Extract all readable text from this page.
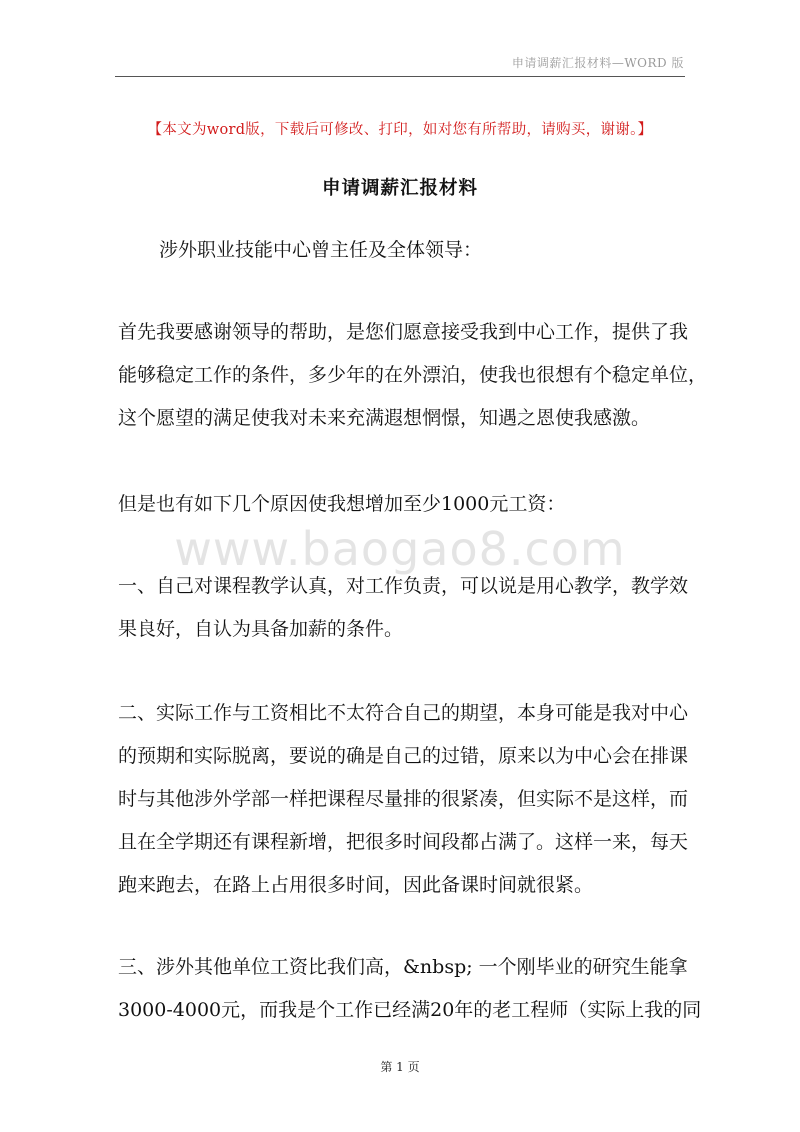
申请调薪汇报材料—WORD 版
【本文为word版，下载后可修改、打印，如对您有所帮助，请购买，谢谢。】
申请调薪汇报材料
涉外职业技能中心曾主任及全体领导：
首先我要感谢领导的帮助，是您们愿意接受我到中心工作，提供了我
能够稳定工作的条件，多少年的在外漂泊，使我也很想有个稳定单位，
这个愿望的满足使我对未来充满遐想惘憬，知遇之恩使我感激。
但是也有如下几个原因使我想增加至少1000元工资：
www.baogao8.com
一、自己对课程教学认真，对工作负责，可以说是用心教学，教学效
果良好，自认为具备加薪的条件。
二、实际工作与工资相比不太符合自己的期望，本身可能是我对中心
的预期和实际脱离，要说的确是自己的过错，原来以为中心会在排课
时与其他涉外学部一样把课程尽量排的很紧凑，但实际不是这样，而
且在全学期还有课程新增，把很多时间段都占满了。这样一来，每天
跑来跑去，在路上占用很多时间，因此备课时间就很紧。
三、涉外其他单位工资比我们高，&nbsp; 一个刚毕业的研究生能拿
3000-4000元，而我是个工作已经满20年的老工程师（实际上我的同
第 1 页
